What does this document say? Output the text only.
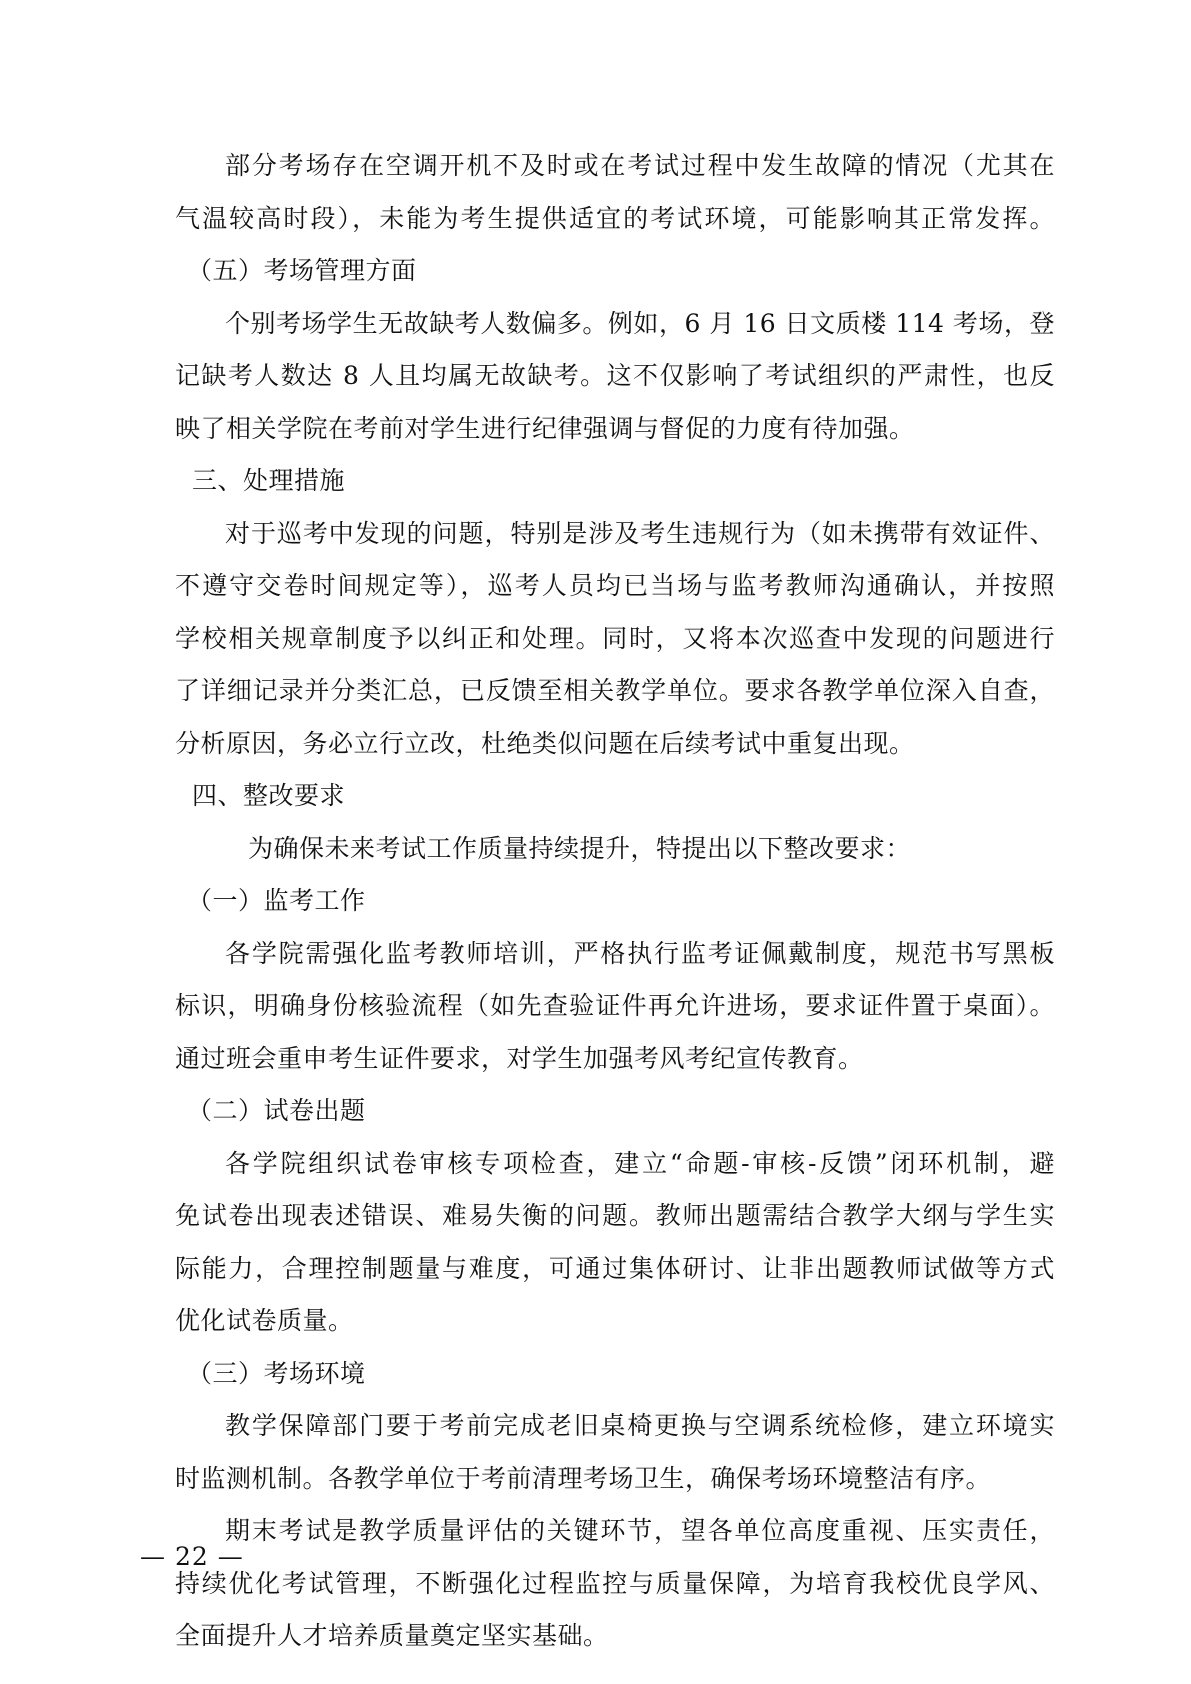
部分考场存在空调开机不及时或在考试过程中发生故障的情况（尤其在
气温较高时段），未能为考生提供适宜的考试环境，可能影响其正常发挥。
（五）考场管理方面
个别考场学生无故缺考人数偏多。例如，6 月 16 日文质楼 114 考场，登
记缺考人数达 8 人且均属无故缺考。这不仅影响了考试组织的严肃性，也反
映了相关学院在考前对学生进行纪律强调与督促的力度有待加强。
三、处理措施
对于巡考中发现的问题，特别是涉及考生违规行为（如未携带有效证件、
不遵守交卷时间规定等），巡考人员均已当场与监考教师沟通确认，并按照
学校相关规章制度予以纠正和处理。同时，又将本次巡查中发现的问题进行
了详细记录并分类汇总，已反馈至相关教学单位。要求各教学单位深入自查，
分析原因，务必立行立改，杜绝类似问题在后续考试中重复出现。
四、整改要求
为确保未来考试工作质量持续提升，特提出以下整改要求：
（一）监考工作
各学院需强化监考教师培训，严格执行监考证佩戴制度，规范书写黑板
标识，明确身份核验流程（如先查验证件再允许进场，要求证件置于桌面）。
通过班会重申考生证件要求，对学生加强考风考纪宣传教育。
（二）试卷出题
各学院组织试卷审核专项检查，建立“命题-审核-反馈”闭环机制，避
免试卷出现表述错误、难易失衡的问题。教师出题需结合教学大纲与学生实
际能力，合理控制题量与难度，可通过集体研讨、让非出题教师试做等方式
优化试卷质量。
（三）考场环境
教学保障部门要于考前完成老旧桌椅更换与空调系统检修，建立环境实
时监测机制。各教学单位于考前清理考场卫生，确保考场环境整洁有序。
期末考试是教学质量评估的关键环节，望各单位高度重视、压实责任，
持续优化考试管理，不断强化过程监控与质量保障，为培育我校优良学风、
全面提升人才培养质量奠定坚实基础。
— 22 —
